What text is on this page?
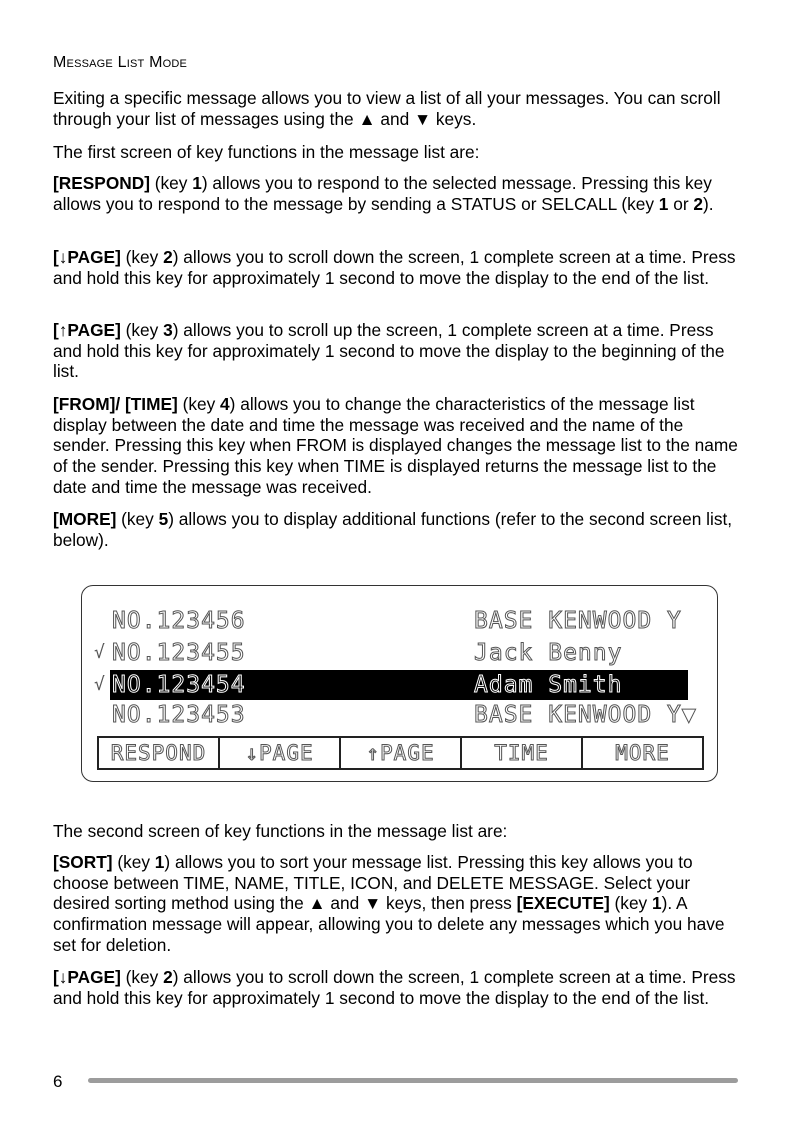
Message List Mode

Exiting a specific message allows you to view a list of all your messages. You can scroll through your list of messages using the ▲ and ▼ keys.

The first screen of key functions in the message list are:

[RESPOND] (key 1) allows you to respond to the selected message. Pressing this key allows you to respond to the message by sending a STATUS or SELCALL (key 1 or 2).

[↓PAGE] (key 2) allows you to scroll down the screen, 1 complete screen at a time. Press and hold this key for approximately 1 second to move the display to the end of the list.

[↑PAGE] (key 3) allows you to scroll up the screen, 1 complete screen at a time. Press and hold this key for approximately 1 second to move the display to the beginning of the list.

[FROM]/ [TIME] (key 4) allows you to change the characteristics of the message list display between the date and time the message was received and the name of the sender. Pressing this key when FROM is displayed changes the message list to the name of the sender. Pressing this key when TIME is displayed returns the message list to the date and time the message was received.

[MORE] (key 5) allows you to display additional functions (refer to the second screen list, below).

NO.123456	BASE KENWOOD Y
√ NO.123455	Jack Benny
√ NO.123454	Adam Smith
NO.123453	BASE KENWOOD Y▼
RESPOND	↓PAGE	↑PAGE	TIME	MORE

The second screen of key functions in the message list are:

[SORT] (key 1) allows you to sort your message list. Pressing this key allows you to choose between TIME, NAME, TITLE, ICON, and DELETE MESSAGE. Select your desired sorting method using the ▲ and ▼ keys, then press [EXECUTE] (key 1). A confirmation message will appear, allowing you to delete any messages which you have set for deletion.

[↓PAGE] (key 2) allows you to scroll down the screen, 1 complete screen at a time. Press and hold this key for approximately 1 second to move the display to the end of the list.

6
